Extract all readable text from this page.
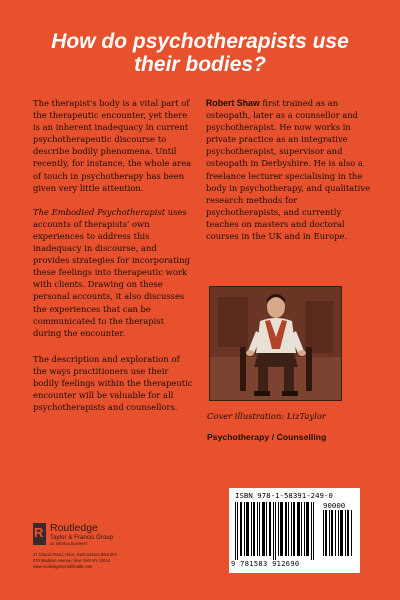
How do psychotherapists use
their bodies?

The therapist's body is a vital part of the therapeutic encounter, yet there is an inherent inadequacy in current psychotherapeutic discourse to describe bodily phenomena. Until recently, for instance, the whole area of touch in psychotherapy has been given very little attention.

The Embodied Psychotherapist uses accounts of therapists' own experiences to address this inadequacy in discourse, and provides strategies for incorporating these feelings into therapeutic work with clients. Drawing on these personal accounts, it also discusses the experiences that can be communicated to the therapist during the encounter.

The description and exploration of the ways practitioners use their bodily feelings within the therapeutic encounter will be valuable for all psychotherapists and counsellors.

Robert Shaw first trained as an osteopath, later as a counsellor and psychotherapist. He now works in private practice as an integrative psychotherapist, supervisor and osteopath in Derbyshire. He is also a freelance lecturer specialising in the body in psychotherapy, and qualitative research methods for psychotherapists, and currently teaches on masters and doctoral courses in the UK and in Europe.

Cover illustration: LizTaylor
Psychotherapy / Counselling
ISBN 978-1-58391-249-0
90000
9 781583 912690
R Routledge
Taylor & Francis Group
an informa business
27 Church Road, Hove, East Sussex BN3 2FA
270 Madison Avenue, New York NY 10016
www.routledgementalhealth.com
